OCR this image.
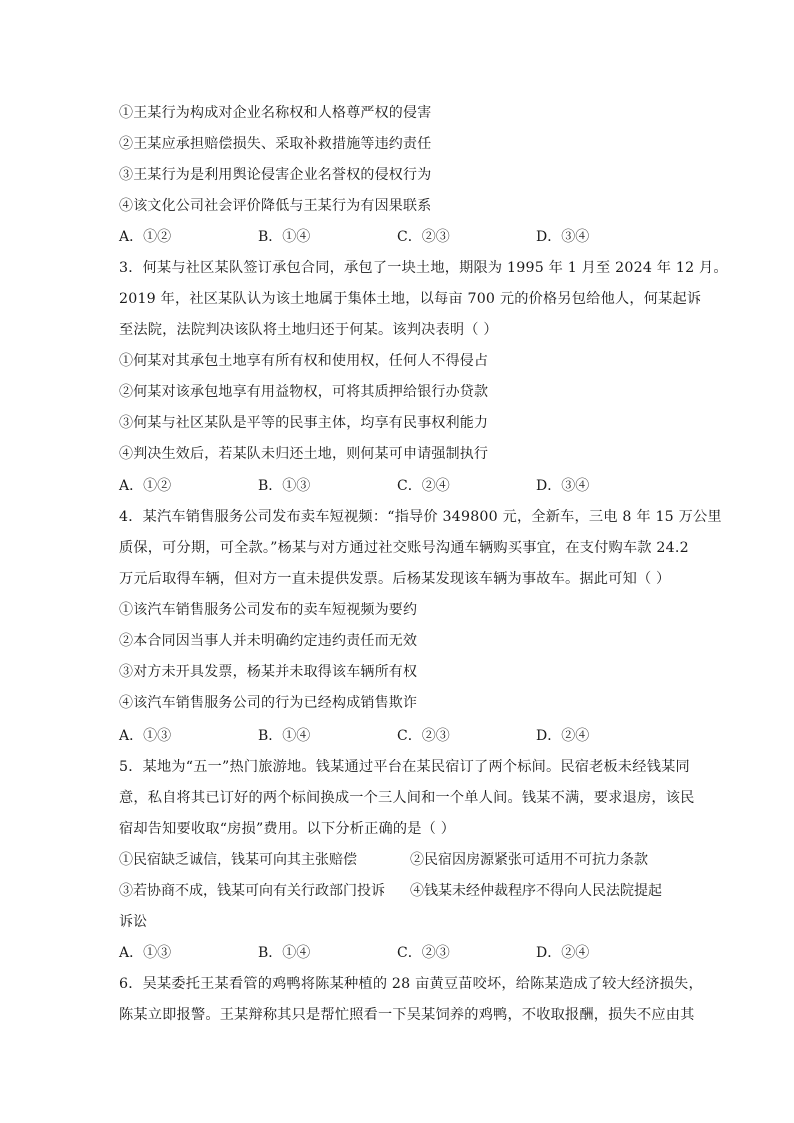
①王某行为构成对企业名称权和人格尊严权的侵害
②王某应承担赔偿损失、采取补救措施等违约责任
③王某行为是利用舆论侵害企业名誉权的侵权行为
④该文化公司社会评价降低与王某行为有因果联系
A．①②	B．①④	C．②③	D．③④
3．何某与社区某队签订承包合同，承包了一块土地，期限为 1995 年 1 月至 2024 年 12 月。
2019 年，社区某队认为该土地属于集体土地，以每亩 700 元的价格另包给他人，何某起诉
至法院，法院判决该队将土地归还于何某。该判决表明（ ）
①何某对其承包土地享有所有权和使用权，任何人不得侵占
②何某对该承包地享有用益物权，可将其质押给银行办贷款
③何某与社区某队是平等的民事主体，均享有民事权利能力
④判决生效后，若某队未归还土地，则何某可申请强制执行
A．①②	B．①③	C．②④	D．③④
4．某汽车销售服务公司发布卖车短视频：“指导价 349800 元，全新车，三电 8 年 15 万公里
质保，可分期，可全款。”杨某与对方通过社交账号沟通车辆购买事宜，在支付购车款 24.2
万元后取得车辆，但对方一直未提供发票。后杨某发现该车辆为事故车。据此可知（ ）
①该汽车销售服务公司发布的卖车短视频为要约
②本合同因当事人并未明确约定违约责任而无效
③对方未开具发票，杨某并未取得该车辆所有权
④该汽车销售服务公司的行为已经构成销售欺诈
A．①③	B．①④	C．②③	D．②④
5．某地为“五一”热门旅游地。钱某通过平台在某民宿订了两个标间。民宿老板未经钱某同
意，私自将其已订好的两个标间换成一个三人间和一个单人间。钱某不满，要求退房，该民
宿却告知要收取“房损”费用。以下分析正确的是（ ）
①民宿缺乏诚信，钱某可向其主张赔偿	②民宿因房源紧张可适用不可抗力条款
③若协商不成，钱某可向有关行政部门投诉 ④钱某未经仲裁程序不得向人民法院提起
诉讼
A．①③	B．①④	C．②③	D．②④
6．吴某委托王某看管的鸡鸭将陈某种植的 28 亩黄豆苗咬坏，给陈某造成了较大经济损失，
陈某立即报警。王某辩称其只是帮忙照看一下吴某饲养的鸡鸭，不收取报酬，损失不应由其
